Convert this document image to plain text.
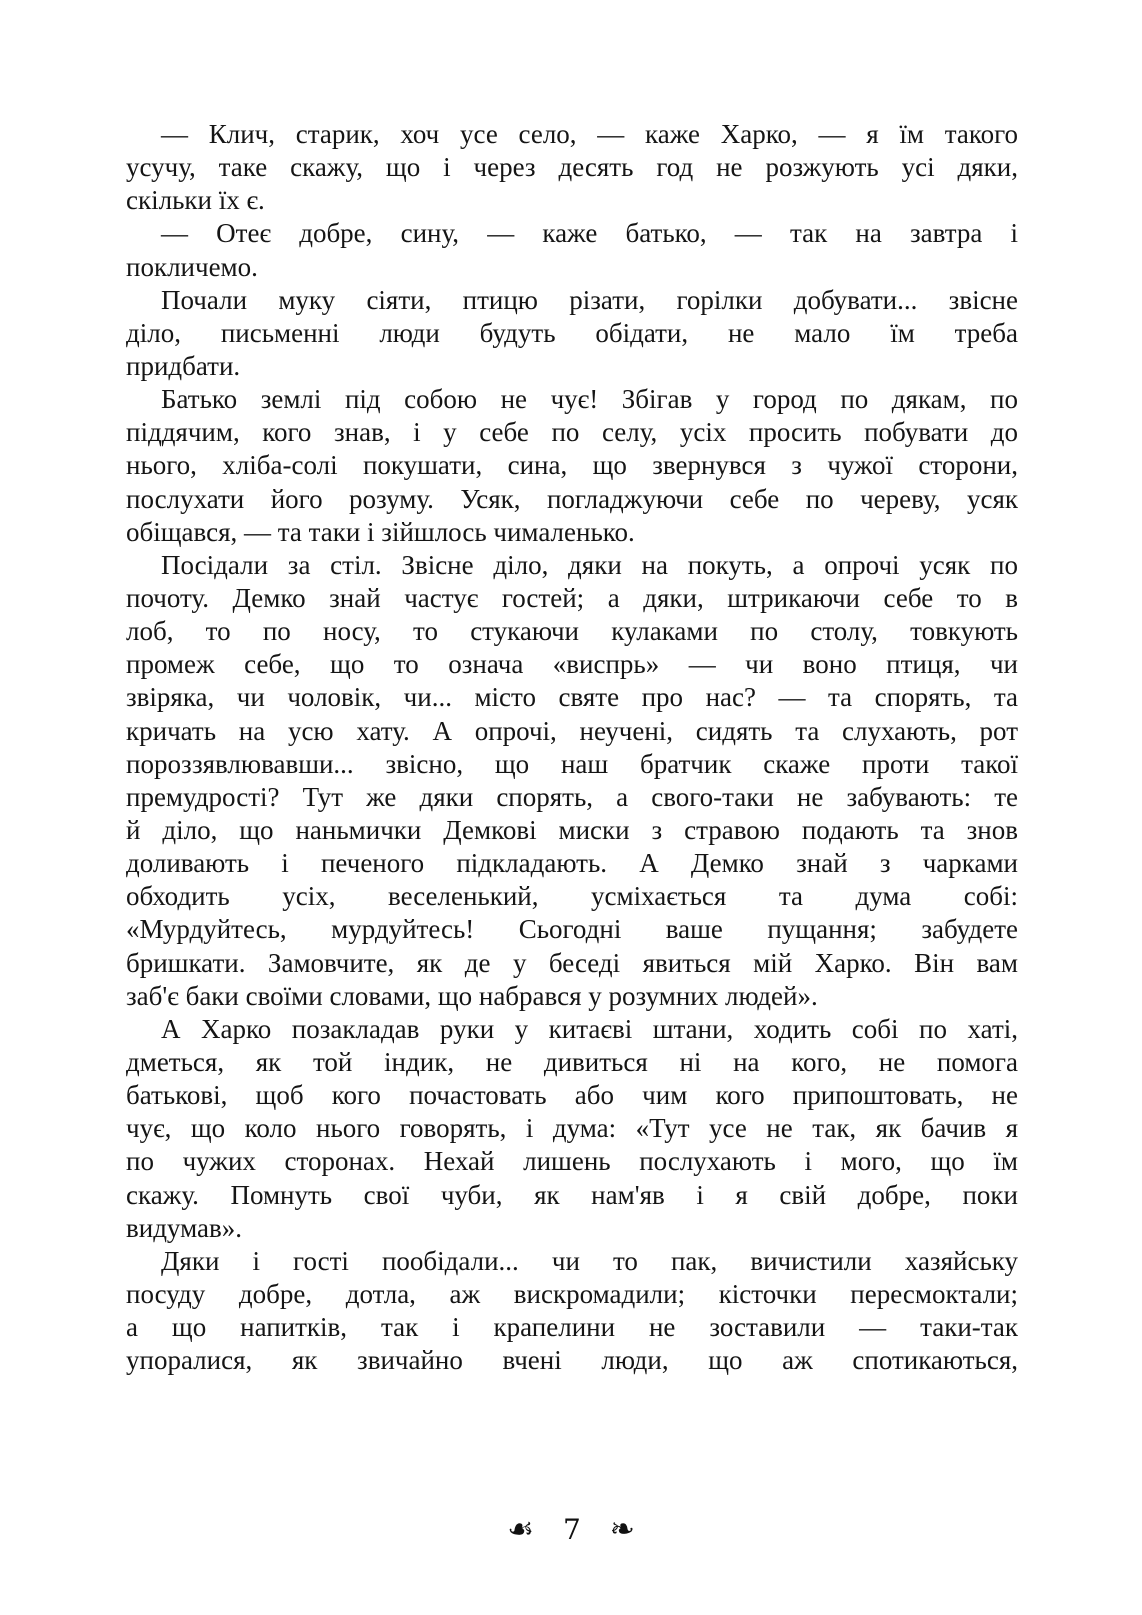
— Клич, старик, хоч усе село, — каже Харко, — я їм такого
усучу, таке скажу, що і через десять год не розжують усі дяки,
скільки їх є.
— Отеє добре, сину, — каже батько, — так на завтра і
покличемо.
Почали муку сіяти, птицю різати, горілки добувати... звісне
діло, письменні люди будуть обідати, не мало їм треба
придбати.
Батько землі під собою не чує! Збігав у город по дякам, по
піддячим, кого знав, і у себе по селу, усіх просить побувати до
нього, хліба-солі покушати, сина, що звернувся з чужої сторони,
послухати його розуму. Усяк, погладжуючи себе по череву, усяк
обіщався, — та таки і зійшлось чималенько.
Посідали за стіл. Звісне діло, дяки на покуть, а опрочі усяк по
почоту. Демко знай частує гостей; а дяки, штрикаючи себе то в
лоб, то по носу, то стукаючи кулаками по столу, товкують
промеж себе, що то означа «виспрь» — чи воно птиця, чи
звіряка, чи чоловік, чи... місто святе про нас? — та спорять, та
кричать на усю хату. А опрочі, неучені, сидять та слухають, рот
пороззявлювавши... звісно, що наш братчик скаже проти такої
премудрості? Тут же дяки спорять, а свого-таки не забувають: те
й діло, що наньмички Демкові миски з стравою подають та знов
доливають і печеного підкладають. А Демко знай з чарками
обходить усіх, веселенький, усміхається та дума собі:
«Мурдуйтесь, мурдуйтесь! Сьогодні ваше пущання; забудете
бришкати. Замовчите, як де у беседі явиться мій Харко. Він вам
заб'є баки своїми словами, що набрався у розумних людей».
А Харко позакладав руки у китаєві штани, ходить собі по хаті,
дметься, як той індик, не дивиться ні на кого, не помога
батькові, щоб кого почастовать або чим кого припоштовать, не
чує, що коло нього говорять, і дума: «Тут усе не так, як бачив я
по чужих сторонах. Нехай лишень послухають і мого, що їм
скажу. Помнуть свої чуби, як нам'яв і я свій добре, поки
видумав».
Дяки і гості пообідали... чи то пак, вичистили хазяйську
посуду добре, дотла, аж вискромадили; кісточки пересмоктали;
а що напитків, так і крапелини не зоставили — таки-так
упоралися, як звичайно вчені люди, що аж спотикаються,
☙ 7 ❧
